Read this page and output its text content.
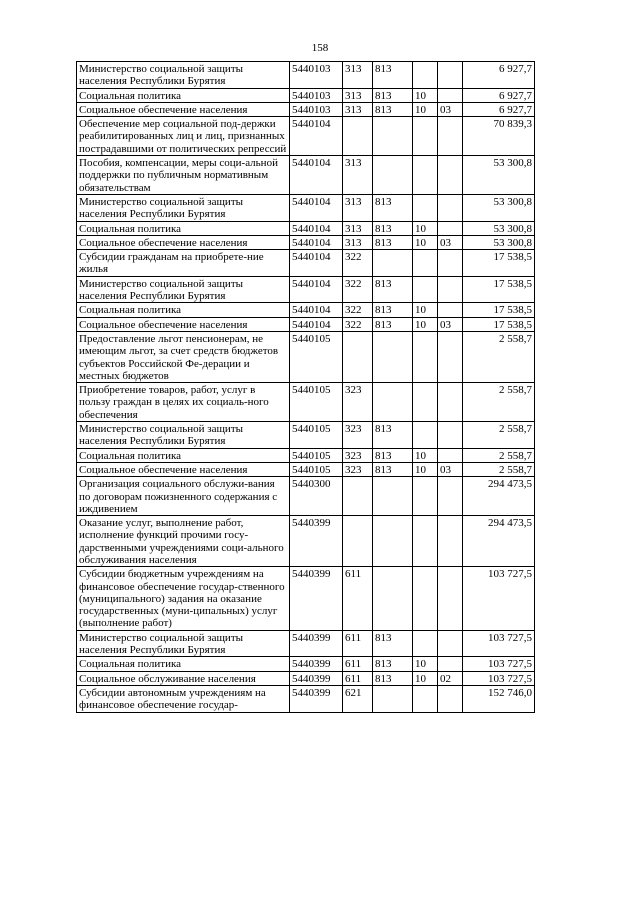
158
Министерство социальной защиты населения Республики Бурятия	5440103	313	813			6 927,7
Социальная политика	5440103	313	813	10		6 927,7
Социальное обеспечение населения	5440103	313	813	10	03	6 927,7
Обеспечение мер социальной под-держки реабилитированных лиц и лиц, признанных пострадавшими от политических репрессий	5440104					70 839,3
Пособия, компенсации, меры соци-альной поддержки по публичным нормативным обязательствам	5440104	313				53 300,8
Министерство социальной защиты населения Республики Бурятия	5440104	313	813			53 300,8
Социальная политика	5440104	313	813	10		53 300,8
Социальное обеспечение населения	5440104	313	813	10	03	53 300,8
Субсидии гражданам на приобрете-ние жилья	5440104	322				17 538,5
Министерство социальной защиты населения Республики Бурятия	5440104	322	813			17 538,5
Социальная политика	5440104	322	813	10		17 538,5
Социальное обеспечение населения	5440104	322	813	10	03	17 538,5
Предоставление льгот пенсионерам, не имеющим льгот, за счет средств бюджетов субъектов Российской Фе-дерации и местных бюджетов	5440105					2 558,7
Приобретение товаров, работ, услуг в пользу граждан в целях их социаль-ного обеспечения	5440105	323				2 558,7
Министерство социальной защиты населения Республики Бурятия	5440105	323	813			2 558,7
Социальная политика	5440105	323	813	10		2 558,7
Социальное обеспечение населения	5440105	323	813	10	03	2 558,7
Организация социального обслужи-вания по договорам пожизненного содержания с иждивением	5440300					294 473,5
Оказание услуг, выполнение работ, исполнение функций прочими госу-дарственными учреждениями соци-ального обслуживания населения	5440399					294 473,5
Субсидии бюджетным учреждениям на финансовое обеспечение государ-ственного (муниципального) задания на оказание государственных (муни-ципальных) услуг (выполнение работ)	5440399	611				103 727,5
Министерство социальной защиты населения Республики Бурятия	5440399	611	813			103 727,5
Социальная политика	5440399	611	813	10		103 727,5
Социальное обслуживание населения	5440399	611	813	10	02	103 727,5
Субсидии автономным учреждениям на финансовое обеспечение государ-	5440399	621				152 746,0
